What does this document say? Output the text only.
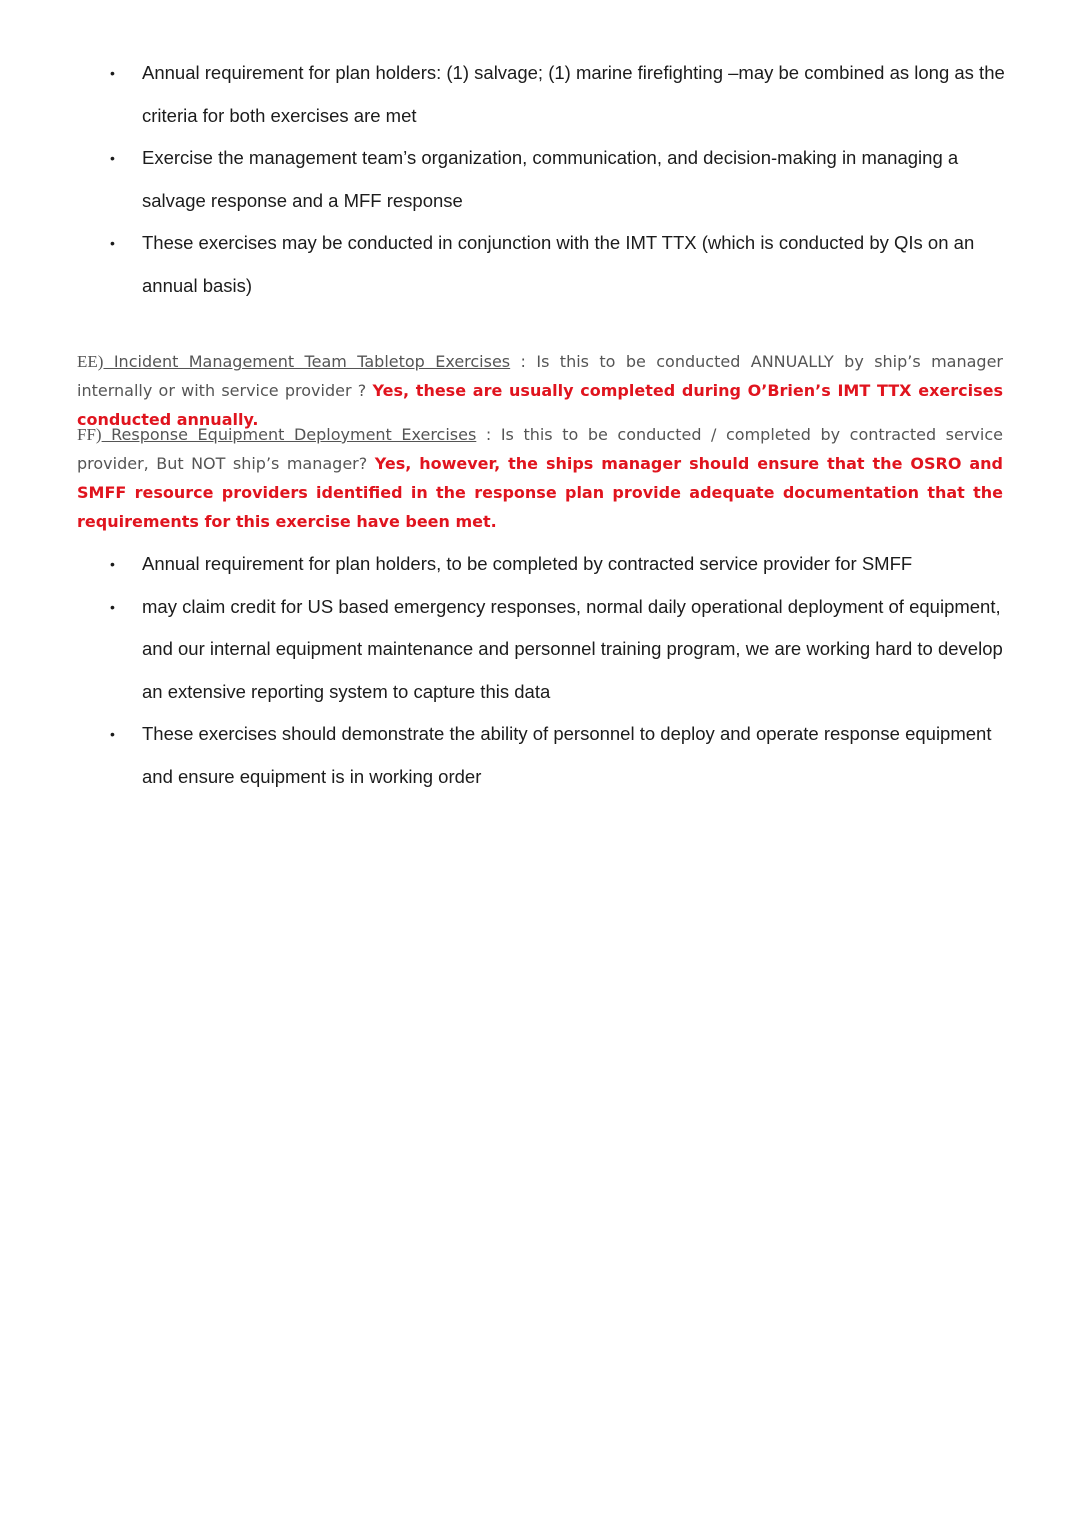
• Annual requirement for plan holders: (1) salvage; (1) marine firefighting –may be combined as long as the criteria for both exercises are met
• Exercise the management team’s organization, communication, and decision-making in managing a salvage response and a MFF response
• These exercises may be conducted in conjunction with the IMT TTX (which is conducted by QIs on an annual basis)

EE) Incident Management Team Tabletop Exercises : Is this to be conducted ANNUALLY by ship’s manager internally or with service provider ? Yes, these are usually completed during O’Brien’s IMT TTX exercises conducted annually.

FF) Response Equipment Deployment Exercises : Is this to be conducted / completed by contracted service provider, But NOT ship’s manager? Yes, however, the ships manager should ensure that the OSRO and SMFF resource providers identified in the response plan provide adequate documentation that the requirements for this exercise have been met.

• Annual requirement for plan holders, to be completed by contracted service provider for SMFF
• may claim credit for US based emergency responses, normal daily operational deployment of equipment, and our internal equipment maintenance and personnel training program, we are working hard to develop an extensive reporting system to capture this data
• These exercises should demonstrate the ability of personnel to deploy and operate response equipment and ensure equipment is in working order
